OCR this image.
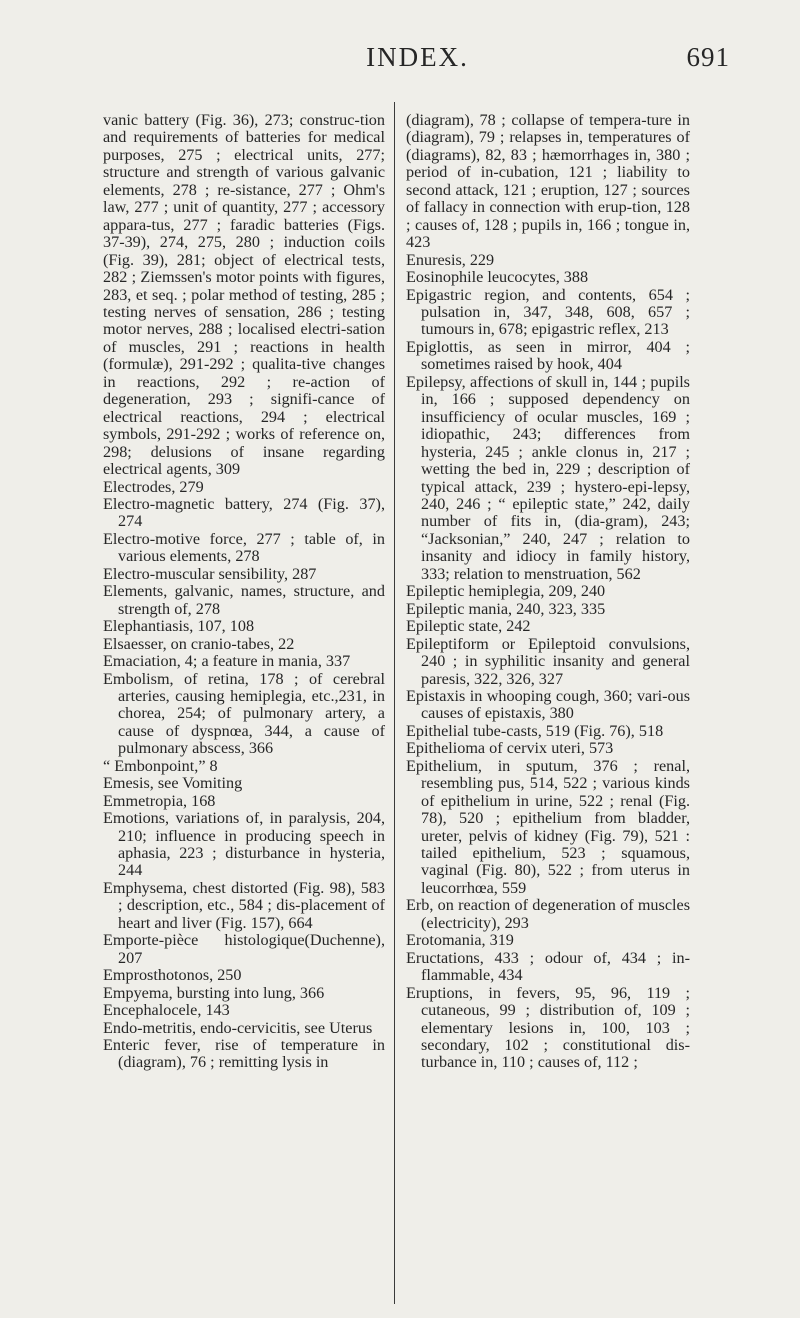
INDEX.	691

vanic battery (Fig. 36), 273; construc-tion and requirements of batteries for medical purposes, 275 ; electrical units, 277; structure and strength of various galvanic elements, 278 ; re-sistance, 277 ; Ohm's law, 277 ; unit of quantity, 277 ; accessory appara-tus, 277 ; faradic batteries (Figs. 37-39), 274, 275, 280 ; induction coils (Fig. 39), 281; object of electrical tests, 282 ; Ziemssen's motor points with figures, 283, et seq. ; polar method of testing, 285 ; testing nerves of sensation, 286 ; testing motor nerves, 288 ; localised electri-sation of muscles, 291 ; reactions in health (formulæ), 291-292 ; qualita-tive changes in reactions, 292 ; re-action of degeneration, 293 ; signifi-cance of electrical reactions, 294 ; electrical symbols, 291-292 ; works of reference on, 298; delusions of insane regarding electrical agents, 309

Electrodes, 279

Electro-magnetic battery, 274 (Fig. 37), 274

Electro-motive force, 277 ; table of, in various elements, 278

Electro-muscular sensibility, 287

Elements, galvanic, names, structure, and strength of, 278

Elephantiasis, 107, 108

Elsaesser, on cranio-tabes, 22

Emaciation, 4; a feature in mania, 337

Embolism, of retina, 178 ; of cerebral arteries, causing hemiplegia, etc.,231, in chorea, 254; of pulmonary artery, a cause of dyspnœa, 344, a cause of pulmonary abscess, 366

“ Embonpoint,” 8

Emesis, see Vomiting

Emmetropia, 168

Emotions, variations of, in paralysis, 204, 210; influence in producing speech in aphasia, 223 ; disturbance in hysteria, 244

Emphysema, chest distorted (Fig. 98), 583 ; description, etc., 584 ; dis-placement of heart and liver (Fig. 157), 664

Emporte-pièce histologique(Duchenne), 207

Emprosthotonos, 250

Empyema, bursting into lung, 366

Encephalocele, 143

Endo-metritis, endo-cervicitis, see Uterus

Enteric fever, rise of temperature in (diagram), 76 ; remitting lysis in

(diagram), 78 ; collapse of tempera-ture in (diagram), 79 ; relapses in, temperatures of (diagrams), 82, 83 ; hæmorrhages in, 380 ; period of in-cubation, 121 ; liability to second attack, 121 ; eruption, 127 ; sources of fallacy in connection with erup-tion, 128 ; causes of, 128 ; pupils in, 166 ; tongue in, 423

Enuresis, 229

Eosinophile leucocytes, 388

Epigastric region, and contents, 654 ; pulsation in, 347, 348, 608, 657 ; tumours in, 678; epigastric reflex, 213

Epiglottis, as seen in mirror, 404 ; sometimes raised by hook, 404

Epilepsy, affections of skull in, 144 ; pupils in, 166 ; supposed dependency on insufficiency of ocular muscles, 169 ; idiopathic, 243; differences from hysteria, 245 ; ankle clonus in, 217 ; wetting the bed in, 229 ; description of typical attack, 239 ; hystero-epi-lepsy, 240, 246 ; “ epileptic state,” 242, daily number of fits in, (dia-gram), 243; “Jacksonian,” 240, 247 ; relation to insanity and idiocy in family history, 333; relation to menstruation, 562

Epileptic hemiplegia, 209, 240

Epileptic mania, 240, 323, 335

Epileptic state, 242

Epileptiform or Epileptoid convulsions, 240 ; in syphilitic insanity and general paresis, 322, 326, 327

Epistaxis in whooping cough, 360; vari-ous causes of epistaxis, 380

Epithelial tube-casts, 519 (Fig. 76), 518

Epithelioma of cervix uteri, 573

Epithelium, in sputum, 376 ; renal, resembling pus, 514, 522 ; various kinds of epithelium in urine, 522 ; renal (Fig. 78), 520 ; epithelium from bladder, ureter, pelvis of kidney (Fig. 79), 521 : tailed epithelium, 523 ; squamous, vaginal (Fig. 80), 522 ; from uterus in leucorrhœa, 559

Erb, on reaction of degeneration of muscles (electricity), 293

Erotomania, 319

Eructations, 433 ; odour of, 434 ; in-flammable, 434

Eruptions, in fevers, 95, 96, 119 ; cutaneous, 99 ; distribution of, 109 ; elementary lesions in, 100, 103 ; secondary, 102 ; constitutional dis-turbance in, 110 ; causes of, 112 ;
